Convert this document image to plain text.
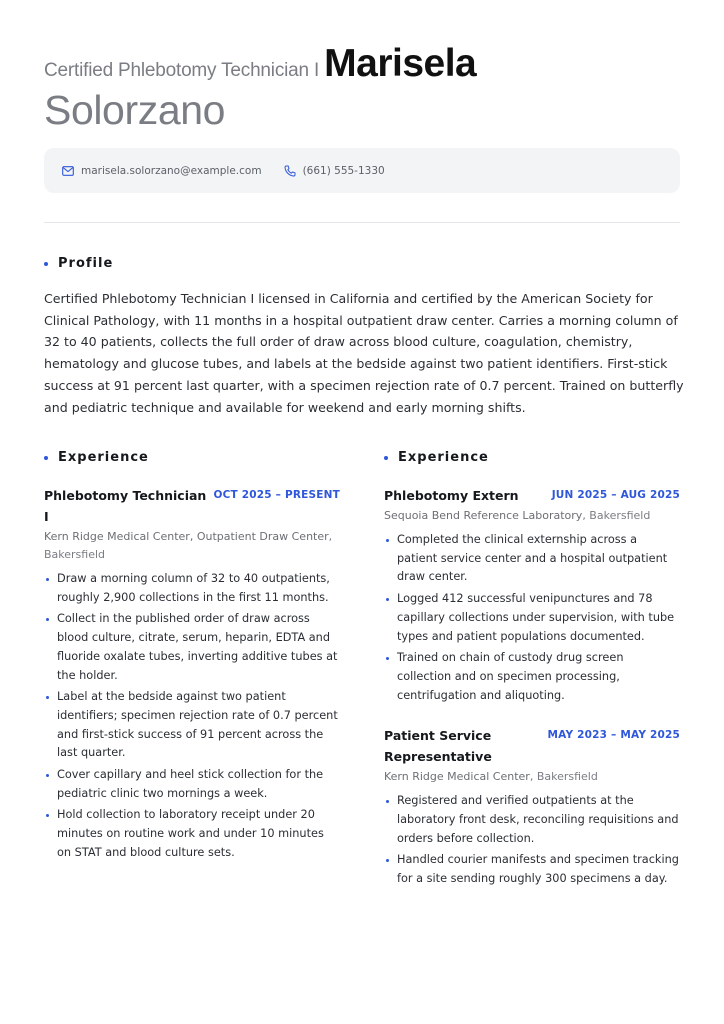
Certified Phlebotomy Technician I Marisela
Solorzano
marisela.solorzano@example.com	(661) 555-1330
Profile

Certified Phlebotomy Technician I licensed in California and certified by the American Society for Clinical Pathology, with 11 months in a hospital outpatient draw center. Carries a morning column of 32 to 40 patients, collects the full order of draw across blood culture, coagulation, chemistry, hematology and glucose tubes, and labels at the bedside against two patient identifiers. First-stick success at 91 percent last quarter, with a specimen rejection rate of 0.7 percent. Trained on butterfly and pediatric technique and available for weekend and early morning shifts.

Experience
Phlebotomy Technician I
OCT 2025 – PRESENT
Kern Ridge Medical Center, Outpatient Draw Center, Bakersfield
Draw a morning column of 32 to 40 outpatients, roughly 2,900 collections in the first 11 months.
Collect in the published order of draw across blood culture, citrate, serum, heparin, EDTA and fluoride oxalate tubes, inverting additive tubes at the holder.
Label at the bedside against two patient identifiers; specimen rejection rate of 0.7 percent and first-stick success of 91 percent across the last quarter.
Cover capillary and heel stick collection for the pediatric clinic two mornings a week.
Hold collection to laboratory receipt under 20 minutes on routine work and under 10 minutes on STAT and blood culture sets.
Experience
Phlebotomy Extern	JUN 2025 – AUG 2025
Sequoia Bend Reference Laboratory, Bakersfield
Completed the clinical externship across a patient service center and a hospital outpatient draw center.
Logged 412 successful venipunctures and 78 capillary collections under supervision, with tube types and patient populations documented.
Trained on chain of custody drug screen collection and on specimen processing, centrifugation and aliquoting.
Patient Service Representative
MAY 2023 – MAY 2025
Kern Ridge Medical Center, Bakersfield
Registered and verified outpatients at the laboratory front desk, reconciling requisitions and orders before collection.
Handled courier manifests and specimen tracking for a site sending roughly 300 specimens a day.
